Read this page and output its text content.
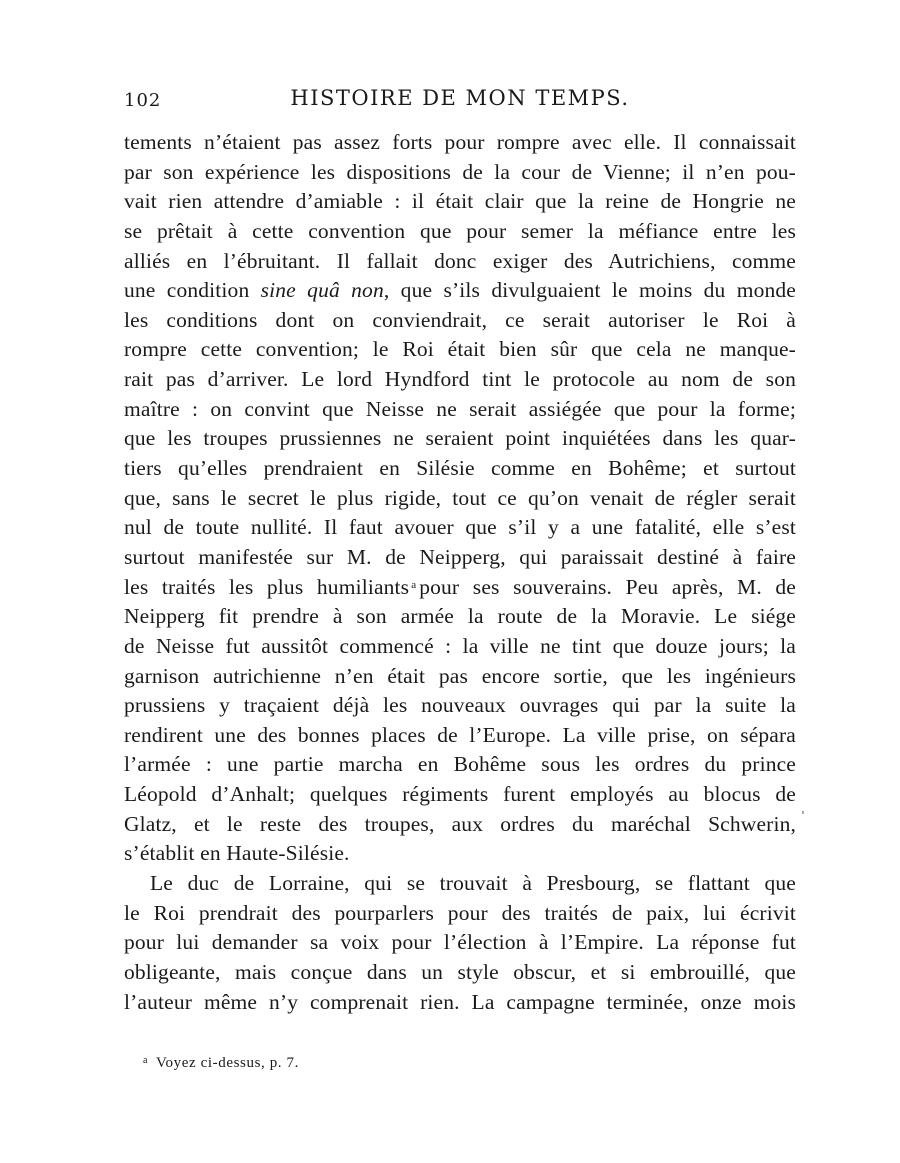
102	HISTOIRE DE MON TEMPS.
tements n’étaient pas assez forts pour rompre avec elle. Il connaissait
par son expérience les dispositions de la cour de Vienne; il n’en pou-
vait rien attendre d’amiable : il était clair que la reine de Hongrie ne
se prêtait à cette convention que pour semer la méfiance entre les
alliés en l’ébruitant. Il fallait donc exiger des Autrichiens, comme
une condition sine quâ non, que s’ils divulguaient le moins du monde
les conditions dont on conviendrait, ce serait autoriser le Roi à
rompre cette convention; le Roi était bien sûr que cela ne manque-
rait pas d’arriver. Le lord Hyndford tint le protocole au nom de son
maître : on convint que Neisse ne serait assiégée que pour la forme;
que les troupes prussiennes ne seraient point inquiétées dans les quar-
tiers qu’elles prendraient en Silésie comme en Bohême; et surtout
que, sans le secret le plus rigide, tout ce qu’on venait de régler serait
nul de toute nullité. Il faut avouer que s’il y a une fatalité, elle s’est
surtout manifestée sur M. de Neipperg, qui paraissait destiné à faire
les traités les plus humiliants $^a$ pour ses souverains. Peu après, M. de
Neipperg fit prendre à son armée la route de la Moravie. Le siége
de Neisse fut aussitôt commencé : la ville ne tint que douze jours; la
garnison autrichienne n’en était pas encore sortie, que les ingénieurs
prussiens y traçaient déjà les nouveaux ouvrages qui par la suite la
rendirent une des bonnes places de l’Europe. La ville prise, on sépara
l’armée : une partie marcha en Bohême sous les ordres du prince
Léopold d’Anhalt; quelques régiments furent employés au blocus de
Glatz, et le reste des troupes, aux ordres du maréchal Schwerin,
s’établit en Haute-Silésie.
Le duc de Lorraine, qui se trouvait à Presbourg, se flattant que
le Roi prendrait des pourparlers pour des traités de paix, lui écrivit
pour lui demander sa voix pour l’élection à l’Empire. La réponse fut
obligeante, mais conçue dans un style obscur, et si embrouillé, que
l’auteur même n’y comprenait rien. La campagne terminée, onze mois
$^a$ Voyez ci-dessus, p. 7.
